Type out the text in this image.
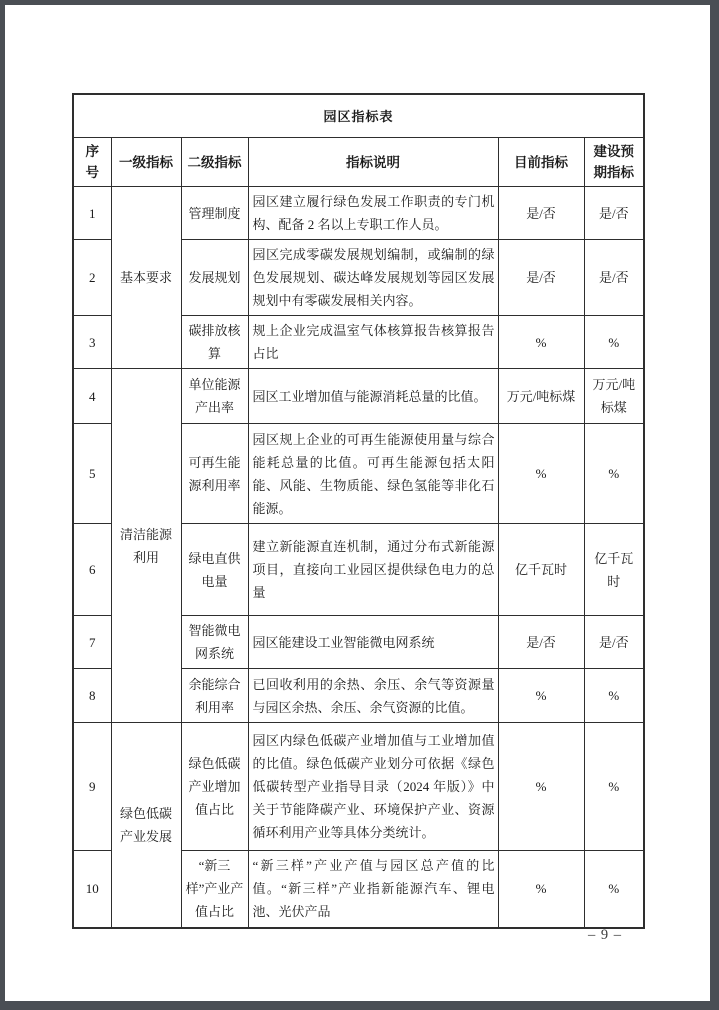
园区指标表					
序号	一级指标	二级指标	指标说明	目前指标	建设预期指标
1	基本要求	管理制度	园区建立履行绿色发展工作职责的专门机构、配备 2 名以上专职工作人员。	是/否	是/否
2		发展规划	园区完成零碳发展规划编制，或编制的绿色发展规划、碳达峰发展规划等园区发展规划中有零碳发展相关内容。	是/否	是/否
3		碳排放核算	规上企业完成温室气体核算报告核算报告占比	%	%
4	清洁能源利用	单位能源产出率	园区工业增加值与能源消耗总量的比值。	万元/吨标煤	万元/吨标煤
5		可再生能源利用率	园区规上企业的可再生能源使用量与综合能耗总量的比值。可再生能源包括太阳能、风能、生物质能、绿色氢能等非化石能源。	%	%
6		绿电直供电量	建立新能源直连机制，通过分布式新能源项目，直接向工业园区提供绿色电力的总量	亿千瓦时	亿千瓦时
7		智能微电网系统	园区能建设工业智能微电网系统	是/否	是/否
8		余能综合利用率	已回收利用的余热、余压、余气等资源量与园区余热、余压、余气资源的比值。	%	%
9	绿色低碳产业发展	绿色低碳产业增加值占比	园区内绿色低碳产业增加值与工业增加值的比值。绿色低碳产业划分可依据《绿色低碳转型产业指导目录（2024 年版）》中关于节能降碳产业、环境保护产业、资源循环利用产业等具体分类统计。	%	%
10		“新三样”产业产值占比	“新三样”产业产值与园区总产值的比值。“新三样”产业指新能源汽车、锂电池、光伏产品	%	%
– 9 –
